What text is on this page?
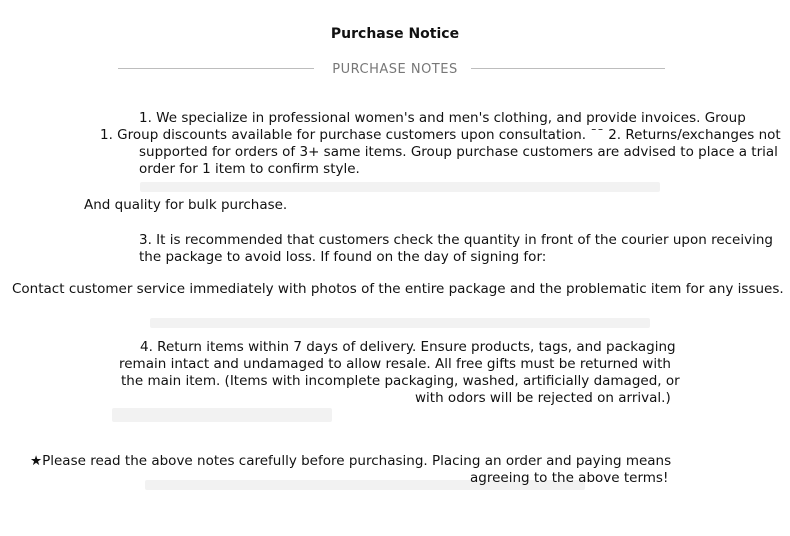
Purchase Notice
PURCHASE NOTES

1. We specialize in professional women's and men's clothing, and provide invoices. Group

1. Group discounts available for purchase customers upon consultation. ¯¯ 2. Returns/exchanges not

supported for orders of 3+ same items. Group purchase customers are advised to place a trial

order for 1 item to confirm style.

And quality for bulk purchase.

3. It is recommended that customers check the quantity in front of the courier upon receiving

the package to avoid loss. If found on the day of signing for:

Contact customer service immediately with photos of the entire package and the problematic item for any issues.

4. Return items within 7 days of delivery. Ensure products, tags, and packaging

remain intact and undamaged to allow resale. All free gifts must be returned with

the main item. (Items with incomplete packaging, washed, artificially damaged, or

with odors will be rejected on arrival.)

★Please read the above notes carefully before purchasing. Placing an order and paying means

agreeing to the above terms!
